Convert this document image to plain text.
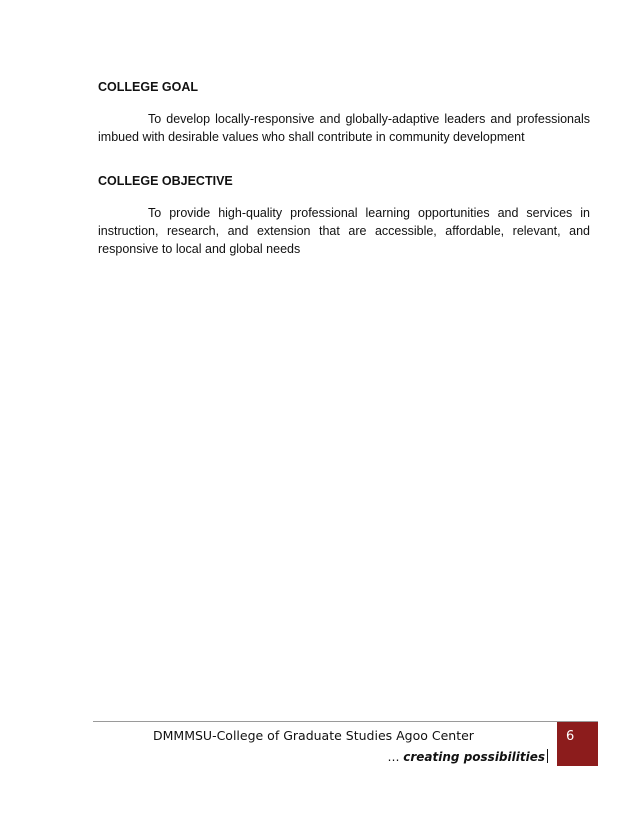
COLLEGE GOAL

To develop locally-responsive and globally-adaptive leaders and professionals imbued with desirable values who shall contribute in community development

COLLEGE OBJECTIVE

To provide high-quality professional learning opportunities and services in instruction, research, and extension that are accessible, affordable, relevant, and responsive to local and global needs

DMMMSU-College of Graduate Studies Agoo Center
… creating possibilities
6
